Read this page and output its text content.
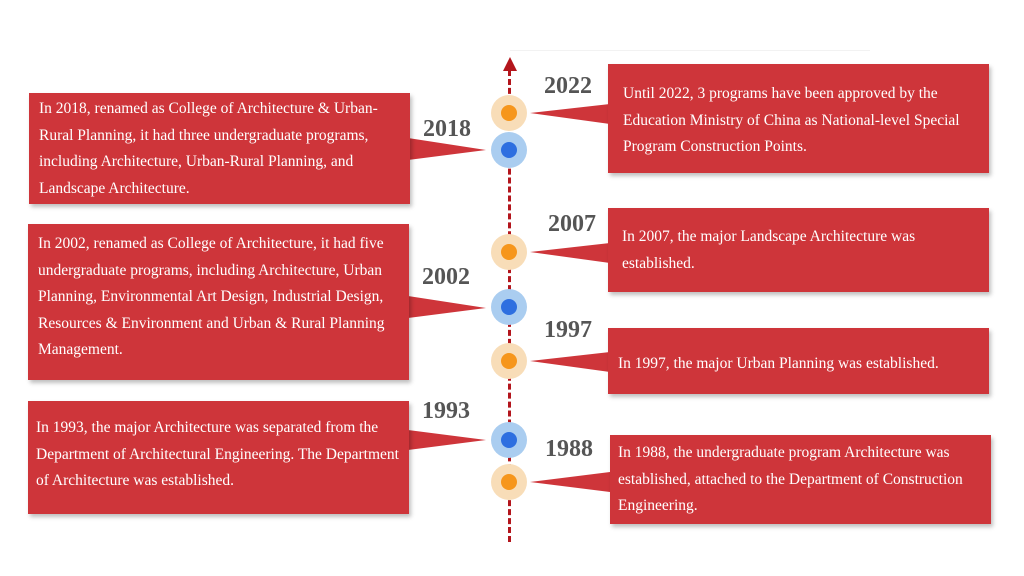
2022
2018
2007
2002
1997
1993
1988
Until 2022, 3 programs have been approved by the Education Ministry of China as National-level Special Program Construction Points.
In 2018, renamed as College of Architecture & Urban-Rural Planning, it had three undergraduate programs, including Architecture, Urban-Rural Planning, and Landscape Architecture.
In 2007, the major Landscape Architecture was established.
In 2002, renamed as College of Architecture, it had five undergraduate programs, including Architecture, Urban Planning, Environmental Art Design, Industrial Design, Resources & Environment and Urban & Rural Planning Management.
In 1997, the major Urban Planning was established.
In 1993, the major Architecture was separated from the Department of Architectural Engineering. The Department of Architecture was established.
In 1988, the undergraduate program Architecture was established, attached to the Department of Construction Engineering.
